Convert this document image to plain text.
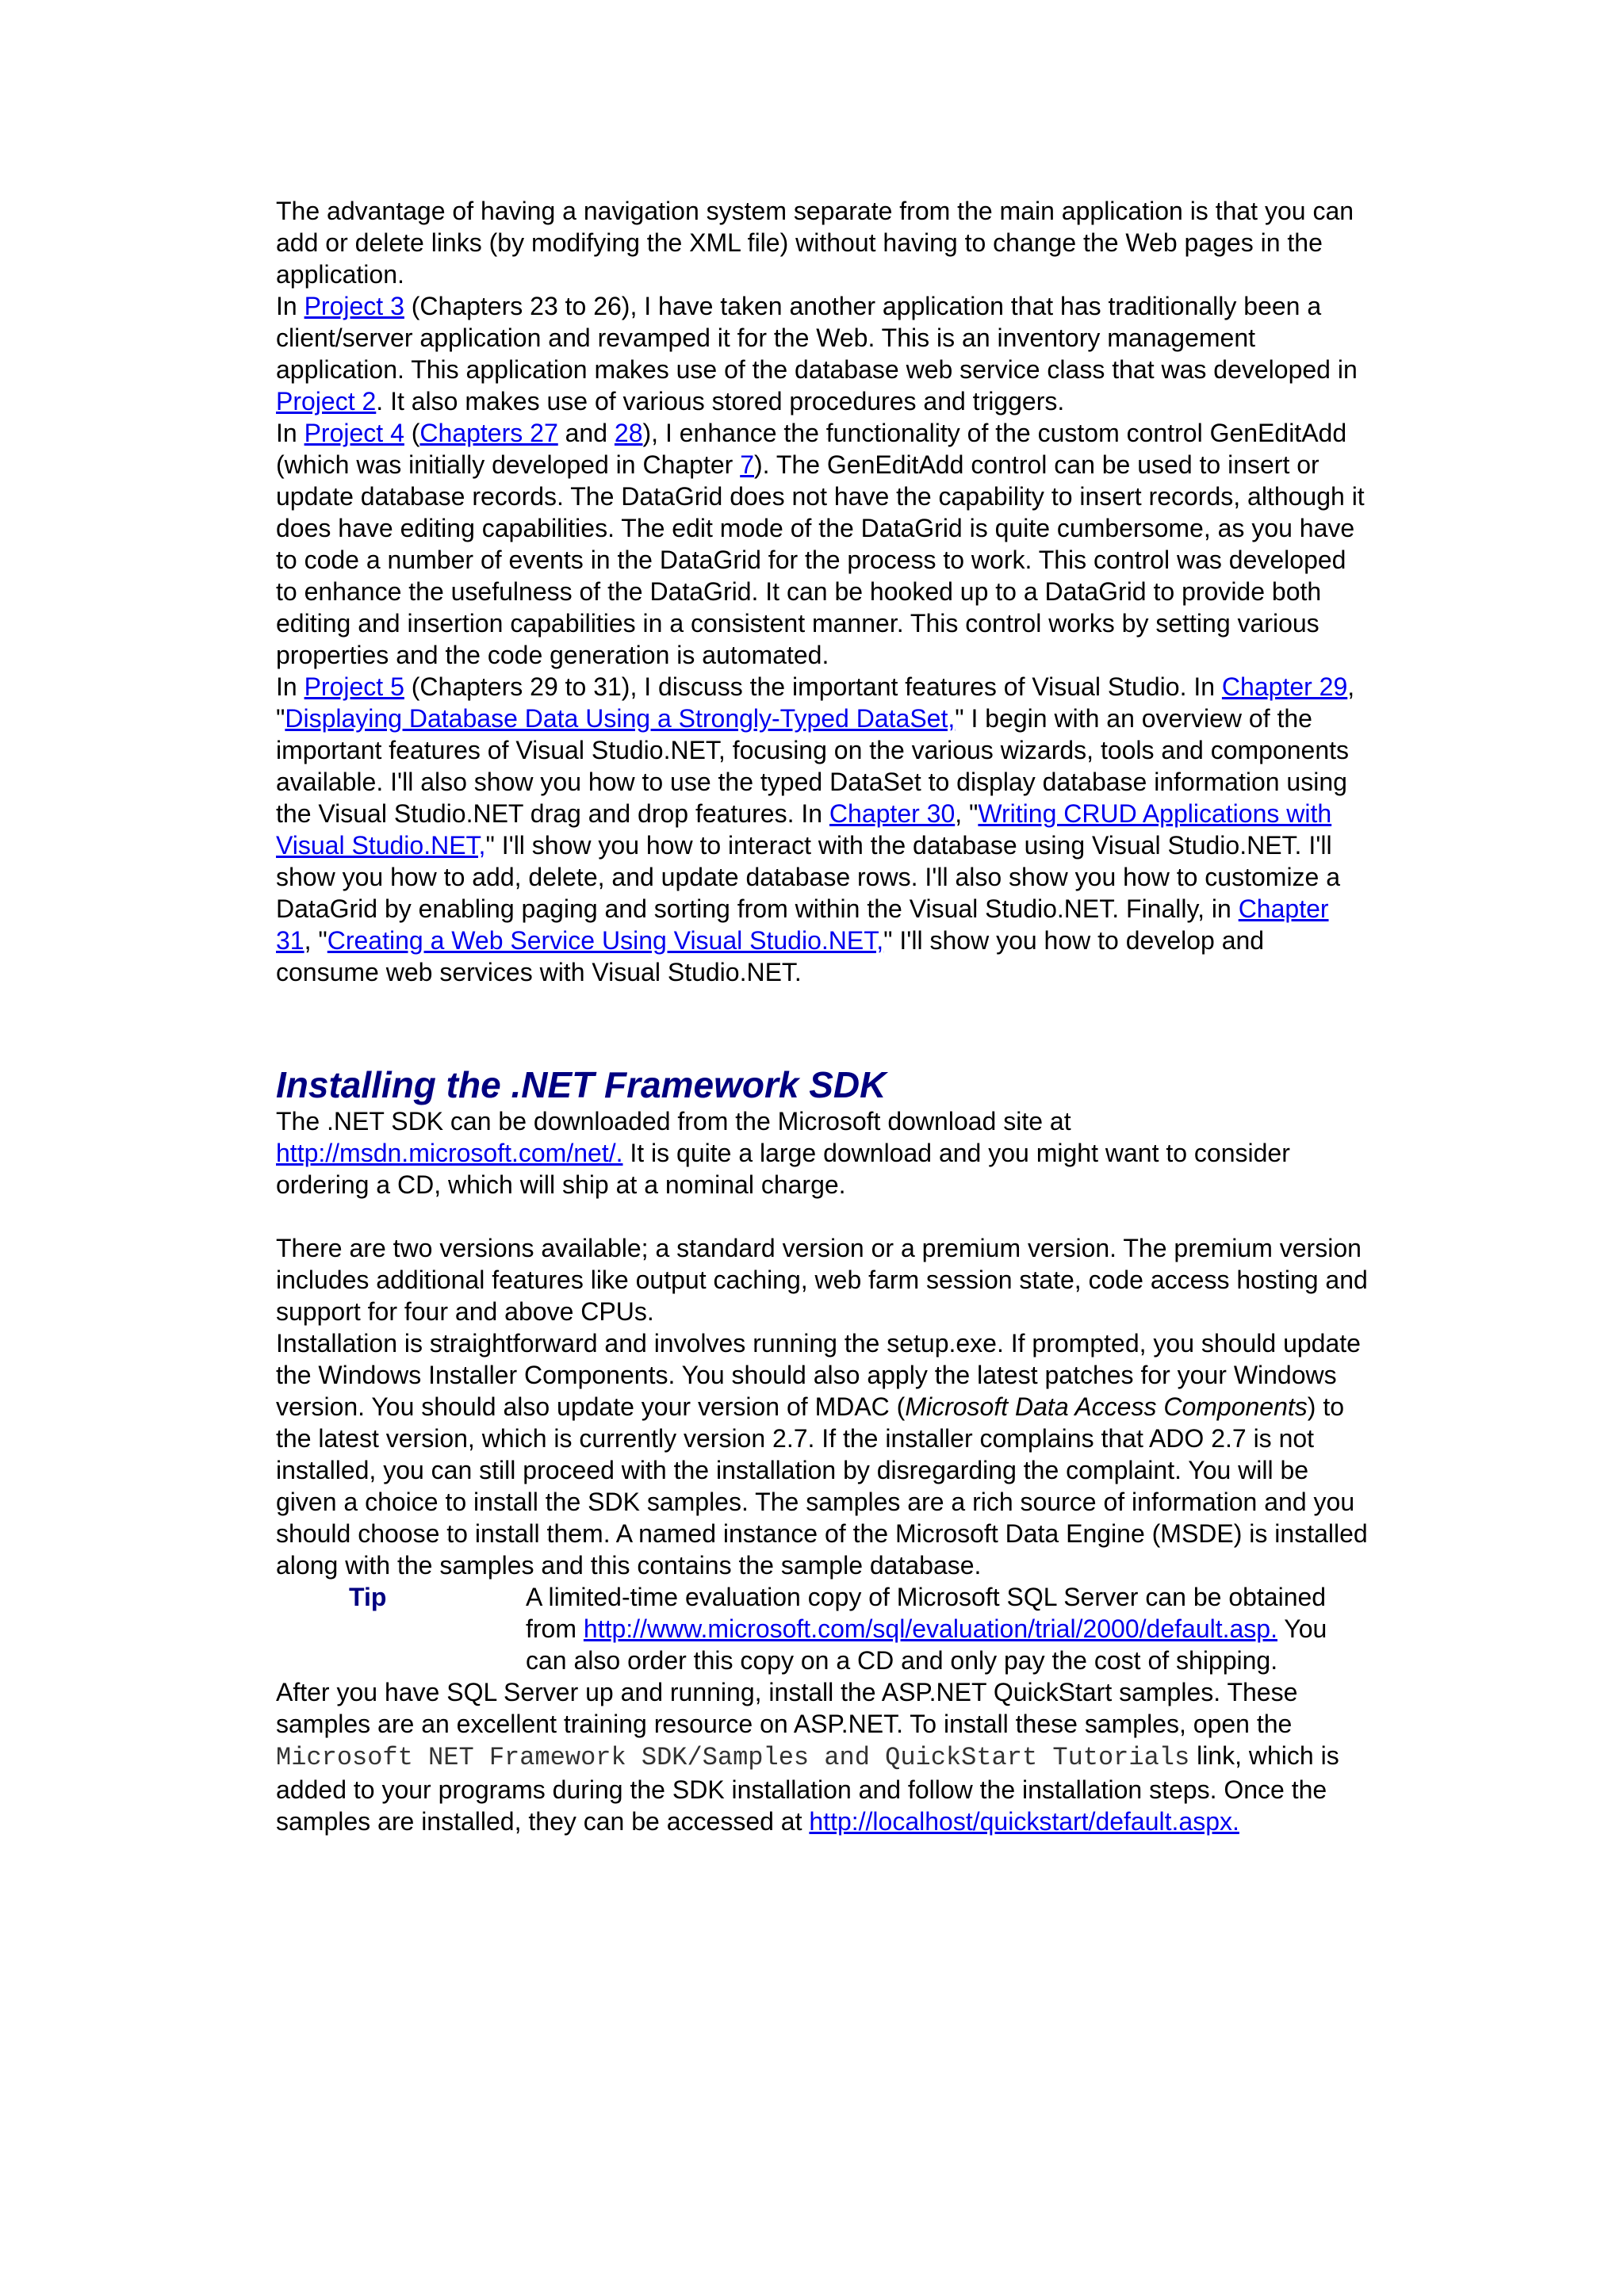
The advantage of having a navigation system separate from the main application is that you can add or delete links (by modifying the XML file) without having to change the Web pages in the application.

In Project 3 (Chapters 23 to 26), I have taken another application that has traditionally been a client/server application and revamped it for the Web. This is an inventory management application. This application makes use of the database web service class that was developed in Project 2. It also makes use of various stored procedures and triggers.

In Project 4 (Chapters 27 and 28), I enhance the functionality of the custom control GenEditAdd (which was initially developed in Chapter 7). The GenEditAdd control can be used to insert or update database records. The DataGrid does not have the capability to insert records, although it does have editing capabilities. The edit mode of the DataGrid is quite cumbersome, as you have to code a number of events in the DataGrid for the process to work. This control was developed to enhance the usefulness of the DataGrid. It can be hooked up to a DataGrid to provide both editing and insertion capabilities in a consistent manner. This control works by setting various properties and the code generation is automated.

In Project 5 (Chapters 29 to 31), I discuss the important features of Visual Studio. In Chapter 29, "Displaying Database Data Using a Strongly-Typed DataSet," I begin with an overview of the important features of Visual Studio.NET, focusing on the various wizards, tools and components available. I'll also show you how to use the typed DataSet to display database information using the Visual Studio.NET drag and drop features. In Chapter 30, "Writing CRUD Applications with Visual Studio.NET," I'll show you how to interact with the database using Visual Studio.NET. I'll show you how to add, delete, and update database rows. I'll also show you how to customize a DataGrid by enabling paging and sorting from within the Visual Studio.NET. Finally, in Chapter 31, "Creating a Web Service Using Visual Studio.NET," I'll show you how to develop and consume web services with Visual Studio.NET.

Installing the .NET Framework SDK

The .NET SDK can be downloaded from the Microsoft download site at http://msdn.microsoft.com/net/. It is quite a large download and you might want to consider ordering a CD, which will ship at a nominal charge.

There are two versions available; a standard version or a premium version. The premium version includes additional features like output caching, web farm session state, code access hosting and support for four and above CPUs.

Installation is straightforward and involves running the setup.exe. If prompted, you should update the Windows Installer Components. You should also apply the latest patches for your Windows version. You should also update your version of MDAC (Microsoft Data Access Components) to the latest version, which is currently version 2.7. If the installer complains that ADO 2.7 is not installed, you can still proceed with the installation by disregarding the complaint. You will be given a choice to install the SDK samples. The samples are a rich source of information and you should choose to install them. A named instance of the Microsoft Data Engine (MSDE) is installed along with the samples and this contains the sample database.

Tip	A limited-time evaluation copy of Microsoft SQL Server can be obtained from http://www.microsoft.com/sql/evaluation/trial/2000/default.asp. You can also order this copy on a CD and only pay the cost of shipping.

After you have SQL Server up and running, install the ASP.NET QuickStart samples. These samples are an excellent training resource on ASP.NET. To install these samples, open the Microsoft NET Framework SDK/Samples and QuickStart Tutorials link, which is added to your programs during the SDK installation and follow the installation steps. Once the samples are installed, they can be accessed at http://localhost/quickstart/default.aspx.
